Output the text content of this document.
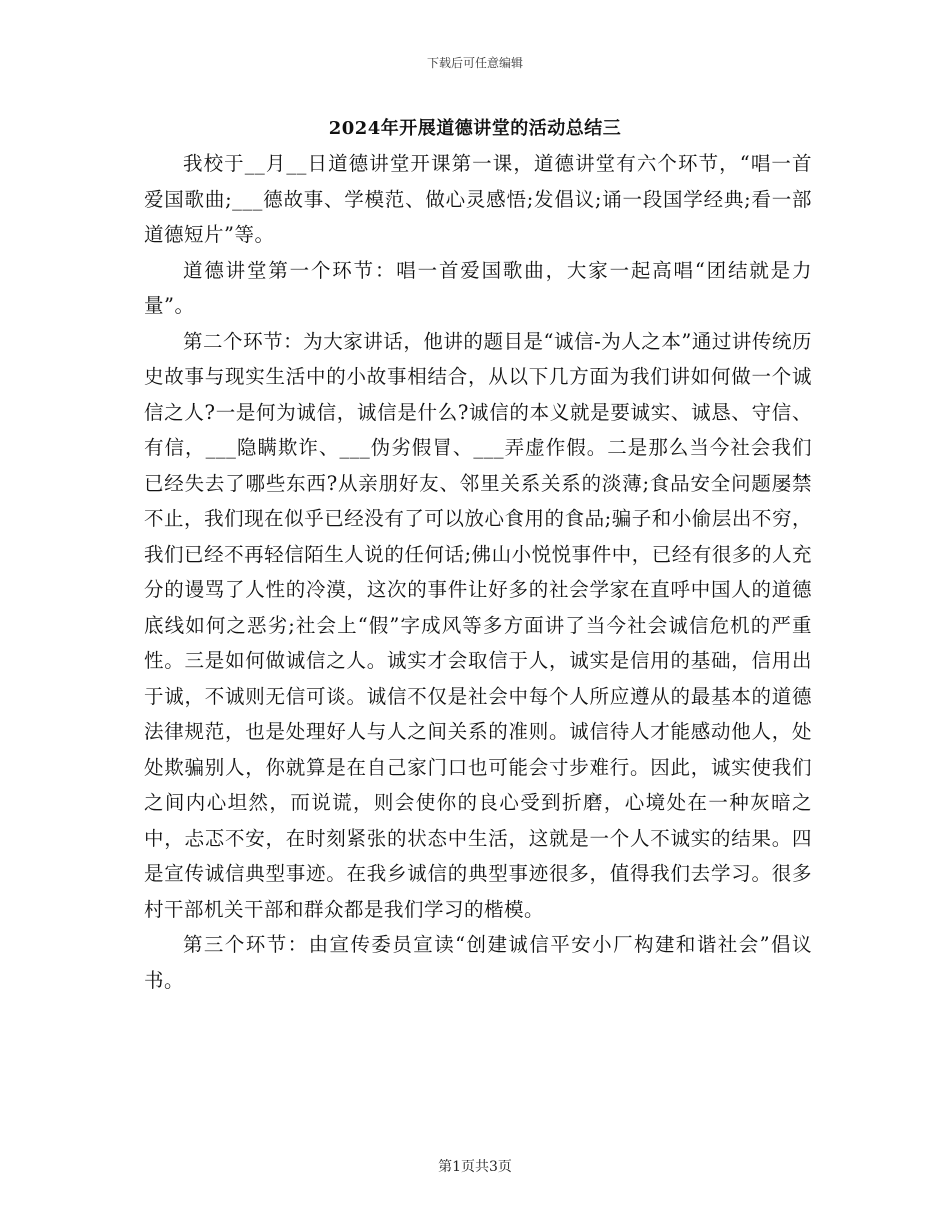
下载后可任意编辑
2024年开展道德讲堂的活动总结三

我校于__月__日道德讲堂开课第一课，道德讲堂有六个环节，“唱一首爱国歌曲;___德故事、学模范、做心灵感悟;发倡议;诵一段国学经典;看一部道德短片”等。

道德讲堂第一个环节：唱一首爱国歌曲，大家一起高唱“团结就是力量”。

第二个环节：为大家讲话，他讲的题目是“诚信-为人之本”通过讲传统历史故事与现实生活中的小故事相结合，从以下几方面为我们讲如何做一个诚信之人?一是何为诚信，诚信是什么?诚信的本义就是要诚实、诚恳、守信、有信，___隐瞒欺诈、___伪劣假冒、___弄虚作假。二是那么当今社会我们已经失去了哪些东西?从亲朋好友、邻里关系关系的淡薄;食品安全问题屡禁不止，我们现在似乎已经没有了可以放心食用的食品;骗子和小偷层出不穷，我们已经不再轻信陌生人说的任何话;佛山小悦悦事件中，已经有很多的人充分的谩骂了人性的冷漠，这次的事件让好多的社会学家在直呼中国人的道德底线如何之恶劣;社会上“假”字成风等多方面讲了当今社会诚信危机的严重性。三是如何做诚信之人。诚实才会取信于人，诚实是信用的基础，信用出于诚，不诚则无信可谈。诚信不仅是社会中每个人所应遵从的最基本的道德法律规范，也是处理好人与人之间关系的准则。诚信待人才能感动他人，处处欺骗别人，你就算是在自己家门口也可能会寸步难行。因此，诚实使我们之间内心坦然，而说谎，则会使你的良心受到折磨，心境处在一种灰暗之中，忐忑不安，在时刻紧张的状态中生活，这就是一个人不诚实的结果。四是宣传诚信典型事迹。在我乡诚信的典型事迹很多，值得我们去学习。很多村干部机关干部和群众都是我们学习的楷模。

第三个环节：由宣传委员宣读“创建诚信平安小厂构建和谐社会”倡议书。

第1页共3页
